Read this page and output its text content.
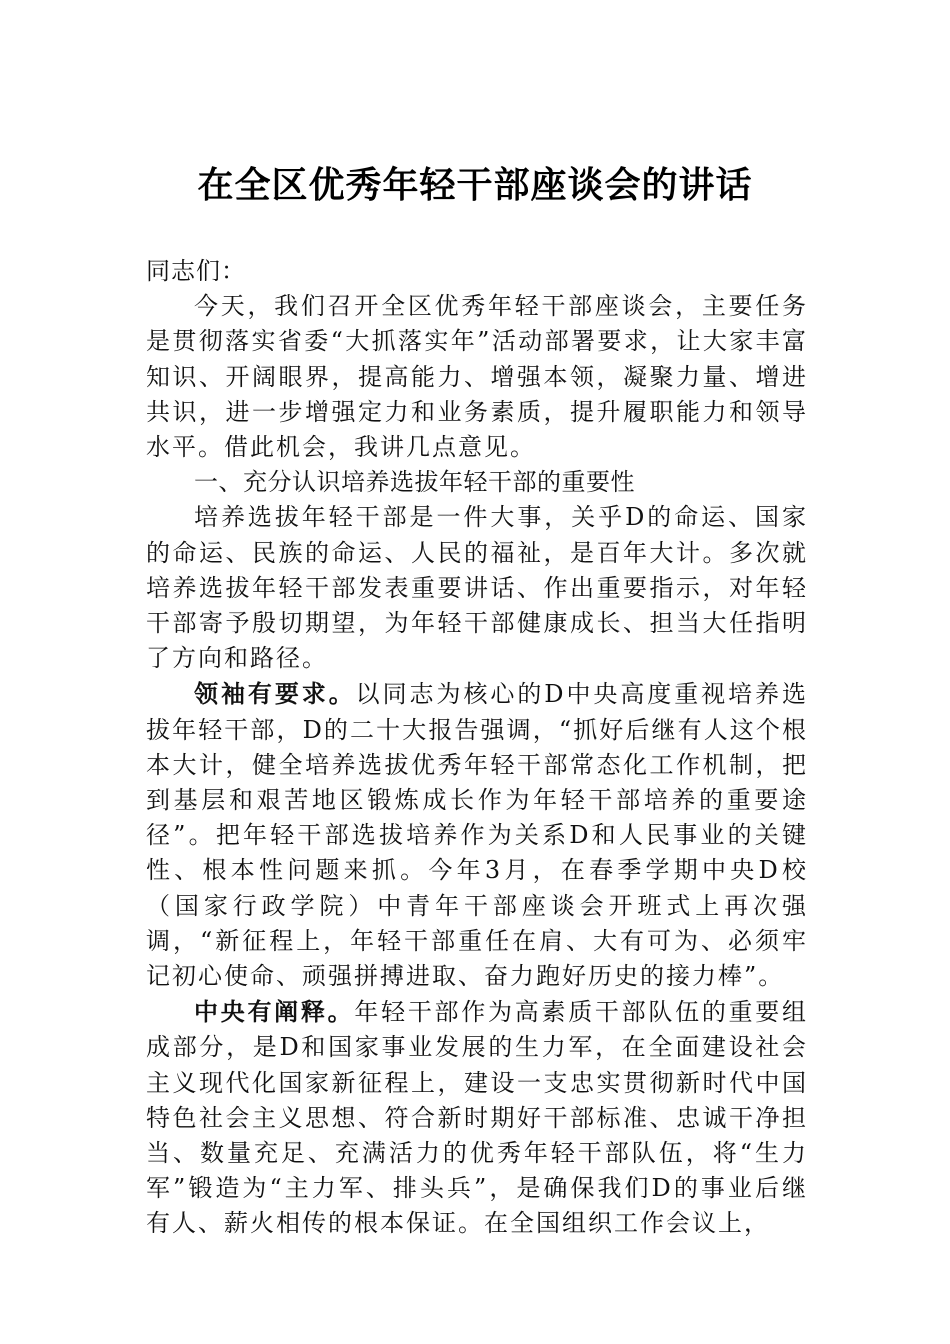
在全区优秀年轻干部座谈会的讲话

同志们：

今天，我们召开全区优秀年轻干部座谈会，主要任务是贯彻落实省委“大抓落实年”活动部署要求，让大家丰富知识、开阔眼界，提高能力、增强本领，凝聚力量、增进共识，进一步增强定力和业务素质，提升履职能力和领导水平。借此机会，我讲几点意见。

一、充分认识培养选拔年轻干部的重要性

培养选拔年轻干部是一件大事，关乎D的命运、国家的命运、民族的命运、人民的福祉，是百年大计。多次就培养选拔年轻干部发表重要讲话、作出重要指示，对年轻干部寄予殷切期望，为年轻干部健康成长、担当大任指明了方向和路径。

领袖有要求。以同志为核心的D中央高度重视培养选拔年轻干部，D的二十大报告强调，“抓好后继有人这个根本大计，健全培养选拔优秀年轻干部常态化工作机制，把到基层和艰苦地区锻炼成长作为年轻干部培养的重要途径”。把年轻干部选拔培养作为关系D和人民事业的关键性、根本性问题来抓。今年3月，在春季学期中央D校（国家行政学院）中青年干部座谈会开班式上再次强调，“新征程上，年轻干部重任在肩、大有可为、必须牢记初心使命、顽强拼搏进取、奋力跑好历史的接力棒”。

中央有阐释。年轻干部作为高素质干部队伍的重要组成部分，是D和国家事业发展的生力军，在全面建设社会主义现代化国家新征程上，建设一支忠实贯彻新时代中国特色社会主义思想、符合新时期好干部标准、忠诚干净担当、数量充足、充满活力的优秀年轻干部队伍，将“生力军”锻造为“主力军、排头兵”，是确保我们D的事业后继有人、薪火相传的根本保证。在全国组织工作会议上，
